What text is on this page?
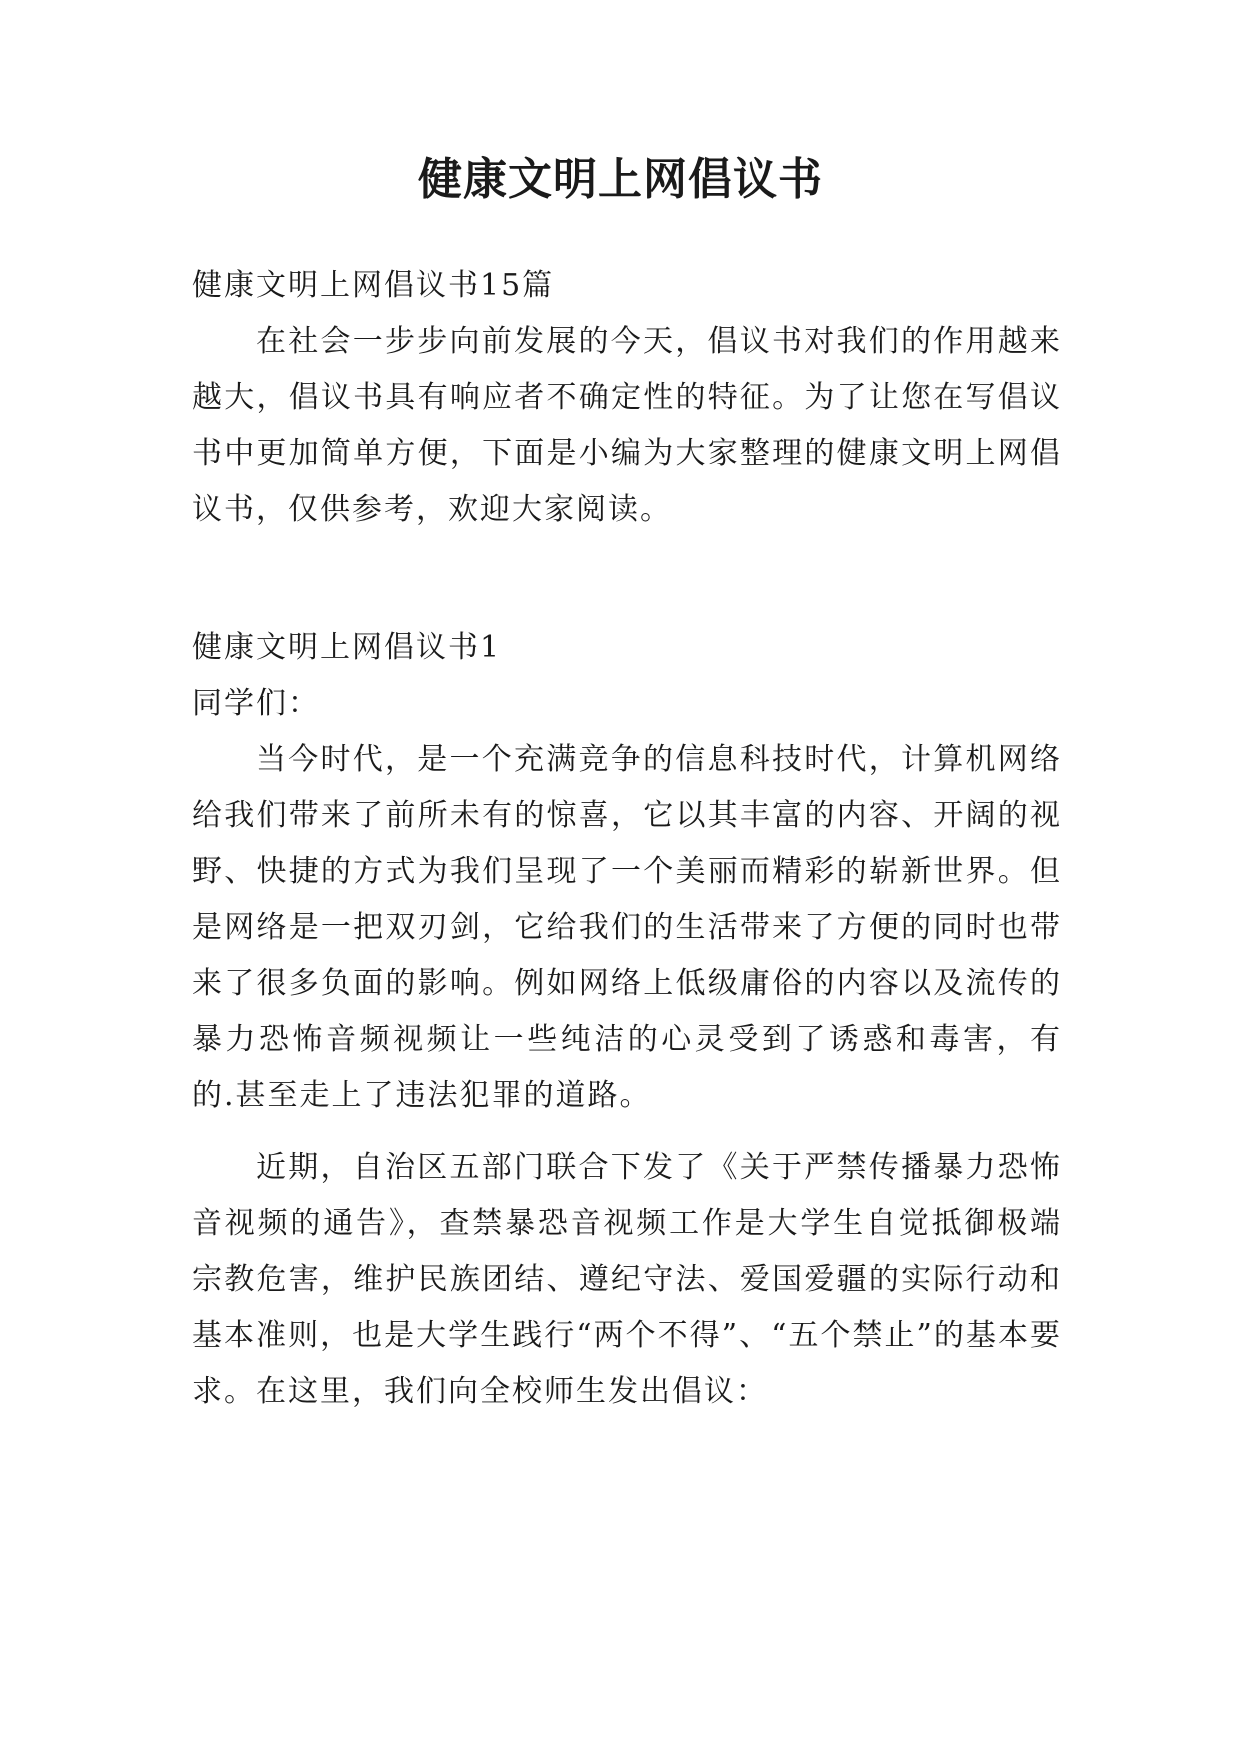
健康文明上网倡议书

健康文明上网倡议书15篇

在社会一步步向前发展的今天，倡议书对我们的作用越来越大，倡议书具有响应者不确定性的特征。为了让您在写倡议书中更加简单方便，下面是小编为大家整理的健康文明上网倡议书，仅供参考，欢迎大家阅读。

健康文明上网倡议书1

同学们：

当今时代，是一个充满竞争的信息科技时代，计算机网络给我们带来了前所未有的惊喜，它以其丰富的内容、开阔的视野、快捷的方式为我们呈现了一个美丽而精彩的崭新世界。但是网络是一把双刃剑，它给我们的生活带来了方便的同时也带来了很多负面的影响。例如网络上低级庸俗的内容以及流传的暴力恐怖音频视频让一些纯洁的心灵受到了诱惑和毒害，有的.甚至走上了违法犯罪的道路。

近期，自治区五部门联合下发了《关于严禁传播暴力恐怖音视频的通告》，查禁暴恐音视频工作是大学生自觉抵御极端宗教危害，维护民族团结、遵纪守法、爱国爱疆的实际行动和基本准则，也是大学生践行“两个不得”、“五个禁止”的基本要求。在这里，我们向全校师生发出倡议：
